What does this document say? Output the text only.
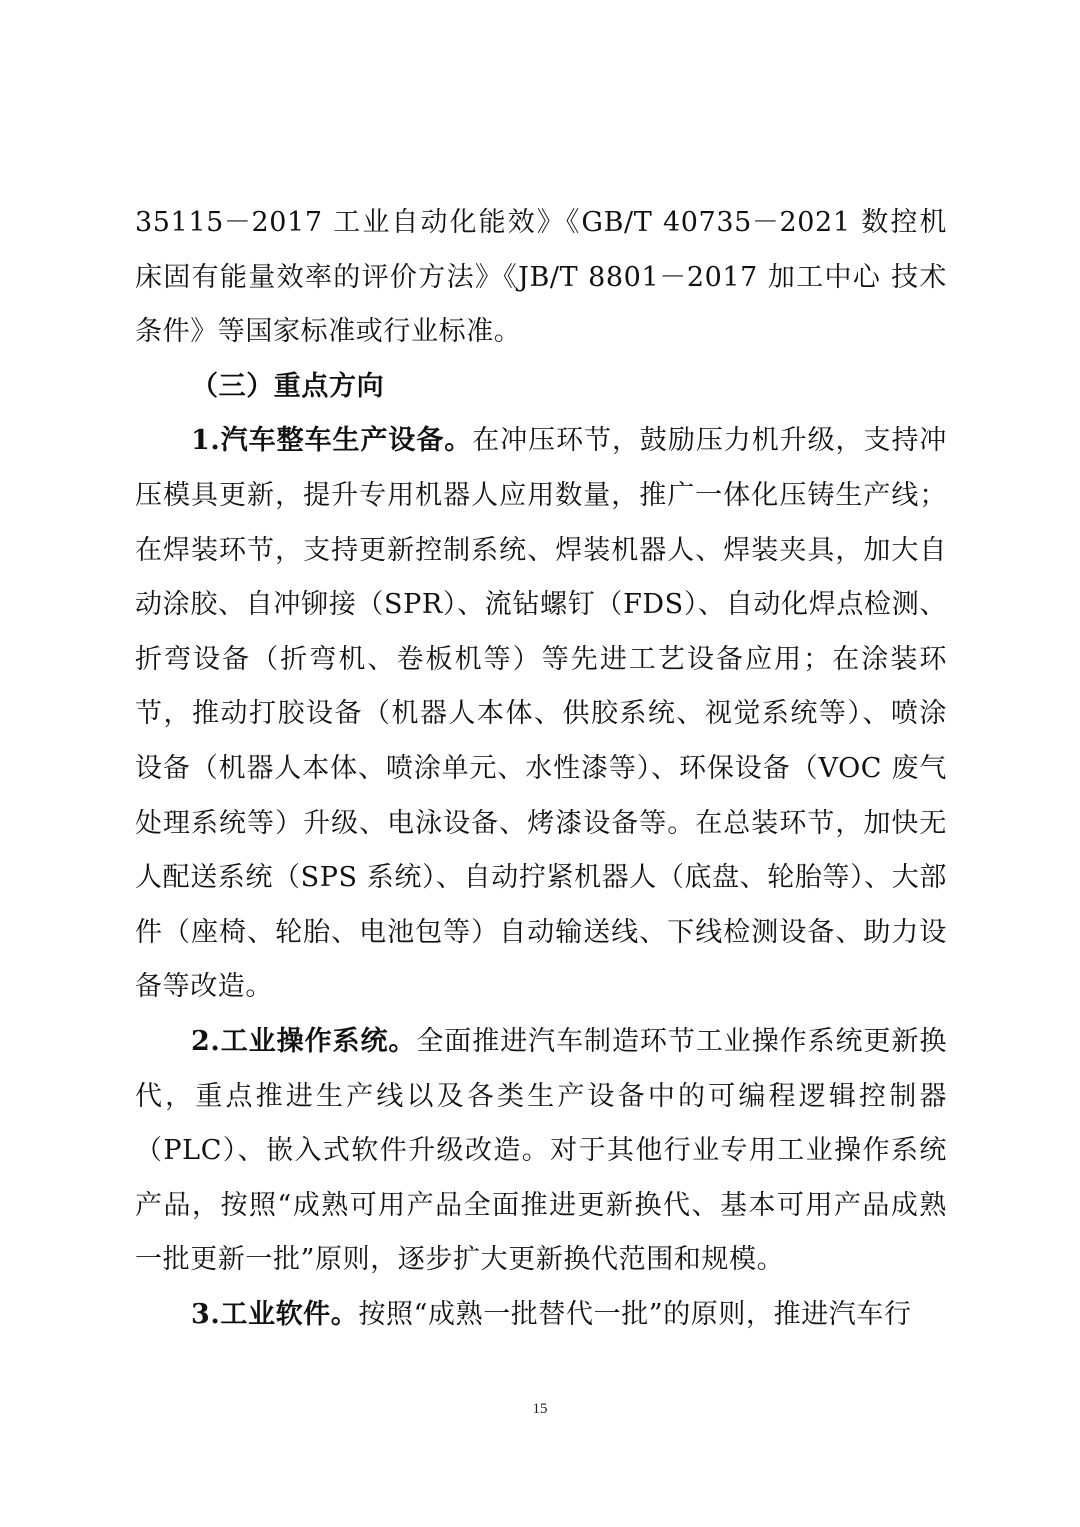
35115－2017 工业自动化能效》《GB/T 40735－2021 数控机床固有能量效率的评价方法》《JB/T 8801－2017 加工中心 技术条件》等国家标准或行业标准。

（三）重点方向

1.汽车整车生产设备。在冲压环节，鼓励压力机升级，支持冲压模具更新，提升专用机器人应用数量，推广一体化压铸生产线；在焊装环节，支持更新控制系统、焊装机器人、焊装夹具，加大自动涂胶、自冲铆接（SPR）、流钻螺钉（FDS）、自动化焊点检测、折弯设备（折弯机、卷板机等）等先进工艺设备应用；在涂装环节，推动打胶设备（机器人本体、供胶系统、视觉系统等）、喷涂设备（机器人本体、喷涂单元、水性漆等）、环保设备（VOC 废气处理系统等）升级、电泳设备、烤漆设备等。在总装环节，加快无人配送系统（SPS 系统）、自动拧紧机器人（底盘、轮胎等）、大部件（座椅、轮胎、电池包等）自动输送线、下线检测设备、助力设备等改造。

2.工业操作系统。全面推进汽车制造环节工业操作系统更新换代，重点推进生产线以及各类生产设备中的可编程逻辑控制器（PLC）、嵌入式软件升级改造。对于其他行业专用工业操作系统产品，按照“成熟可用产品全面推进更新换代、基本可用产品成熟一批更新一批”原则，逐步扩大更新换代范围和规模。

3.工业软件。按照“成熟一批替代一批”的原则，推进汽车行

15
